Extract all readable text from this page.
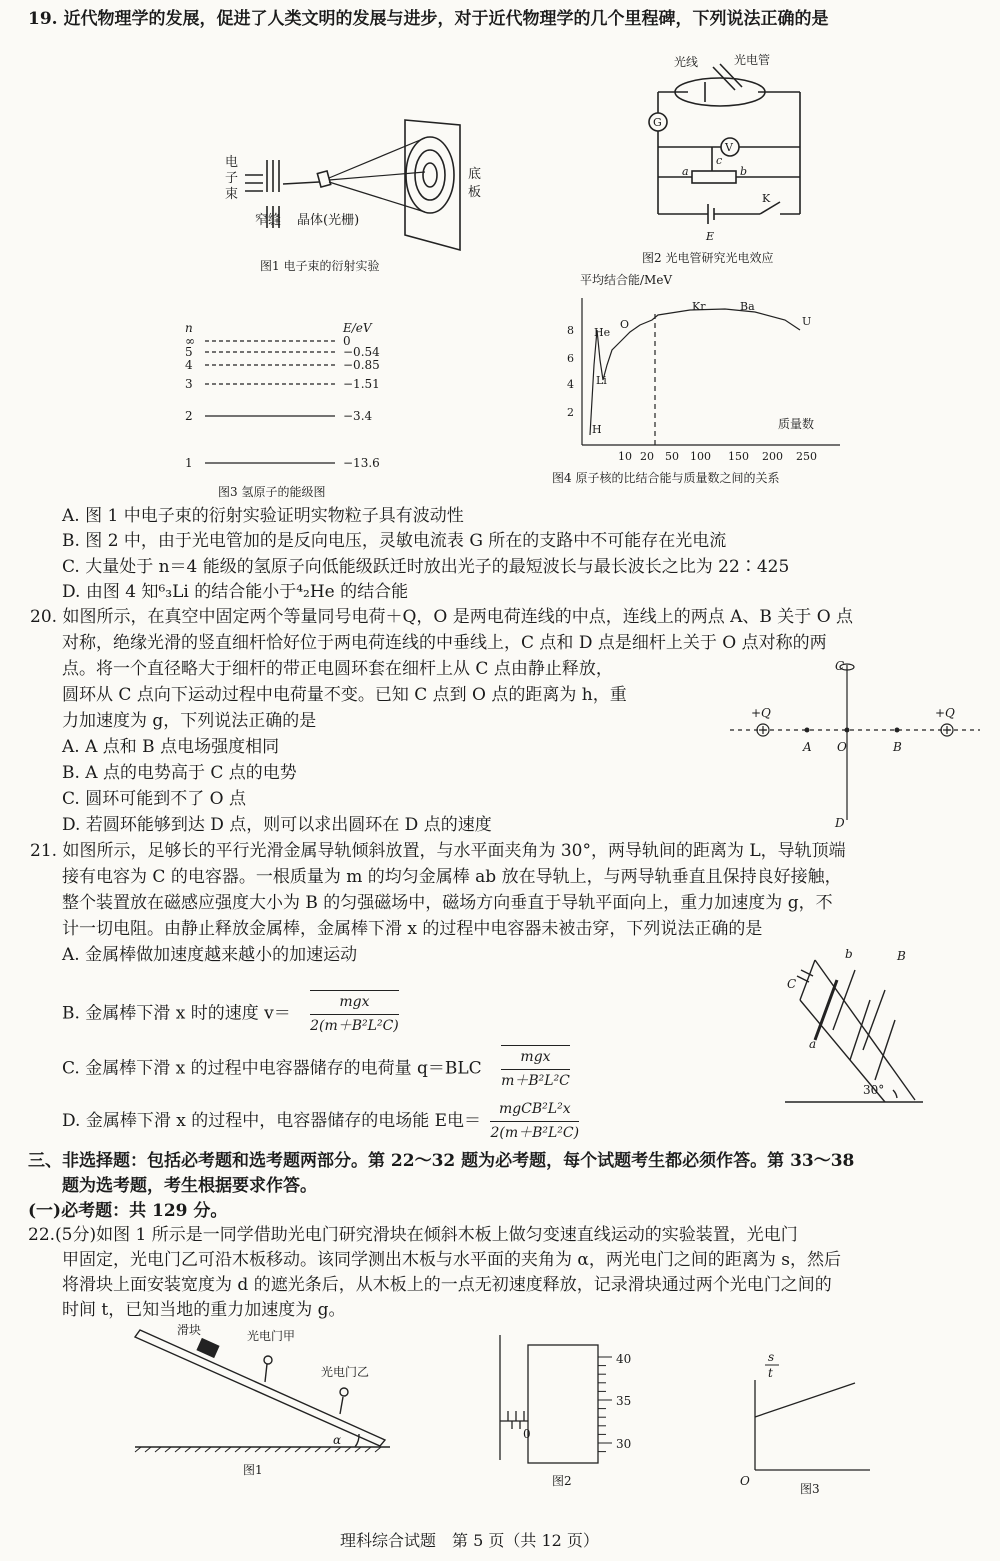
19. 近代物理学的发展，促进了人类文明的发展与进步，对于近代物理学的几个里程碑，下列说法正确的是
电
子
束
底
板
窄缝 晶体(光栅)
图1 电子束的衍射实验
光线	光电管
G
V
c
a	b
K
E
图2 光电管研究光电效应
n	E/eV
∞	0
5	−0.54
4	−0.85
3	−1.51
2	−3.4
1	−13.6
图3 氢原子的能级图
平均结合能/MeV
8
6
4
2
10 20 50 100 150 200 250
质量数
He
O
Kr	Ba
U
Li
H
图4 原子核的比结合能与质量数之间的关系
A. 图 1 中电子束的衍射实验证明实物粒子具有波动性
B. 图 2 中，由于光电管加的是反向电压，灵敏电流表 G 所在的支路中不可能存在光电流
C. 大量处于 n＝4 能级的氢原子向低能级跃迁时放出光子的最短波长与最长波长之比为 22∶425
D. 由图 4 知⁶₃Li 的结合能小于⁴₂He 的结合能
20. 如图所示，在真空中固定两个等量同号电荷＋Q，O 是两电荷连线的中点，连线上的两点 A、B 关于 O 点
对称，绝缘光滑的竖直细杆恰好位于两电荷连线的中垂线上，C 点和 D 点是细杆上关于 O 点对称的两
点。将一个直径略大于细杆的带正电圆环套在细杆上从 C 点由静止释放，
圆环从 C 点向下运动过程中电荷量不变。已知 C 点到 O 点的距离为 h，重
力加速度为 g，下列说法正确的是
A. A 点和 B 点电场强度相同
B. A 点的电势高于 C 点的电势
C. 圆环可能到不了 O 点
D. 若圆环能够到达 D 点，则可以求出圆环在 D 点的速度
C
D
O
A	B
+Q	+Q
21. 如图所示，足够长的平行光滑金属导轨倾斜放置，与水平面夹角为 30°，两导轨间的距离为 L，导轨顶端
接有电容为 C 的电容器。一根质量为 m 的均匀金属棒 ab 放在导轨上，与两导轨垂直且保持良好接触，
整个装置放在磁感应强度大小为 B 的匀强磁场中，磁场方向垂直于导轨平面向上，重力加速度为 g，不
计一切电阻。由静止释放金属棒，金属棒下滑 x 的过程中电容器未被击穿，下列说法正确的是
A. 金属棒做加速度越来越小的加速运动
B. 金属棒下滑 x 时的速度 v＝
mgx
2(m＋B²L²C)
C. 金属棒下滑 x 的过程中电容器储存的电荷量 q＝BLC
mgx
m＋B²L²C
D. 金属棒下滑 x 的过程中，电容器储存的电场能 E电＝
mgCB²L²x
2(m＋B²L²C)
C
b	B
a
30°
三、非选择题：包括必考题和选考题两部分。第 22～32 题为必考题，每个试题考生都必须作答。第 33～38
题为选考题，考生根据要求作答。
(一)必考题：共 129 分。
22.(5分)如图 1 所示是一同学借助光电门研究滑块在倾斜木板上做匀变速直线运动的实验装置，光电门
甲固定，光电门乙可沿木板移动。该同学测出木板与水平面的夹角为 α，两光电门之间的距离为 s，然后
将滑块上面安装宽度为 d 的遮光条后，从木板上的一点无初速度释放，记录滑块通过两个光电门之间的
时间 t，已知当地的重力加速度为 g。
滑块	光电门甲
光电门乙
α
图1
40
35
30
0
图2
s
t
O
图3
理科综合试题　第 5 页（共 12 页）
